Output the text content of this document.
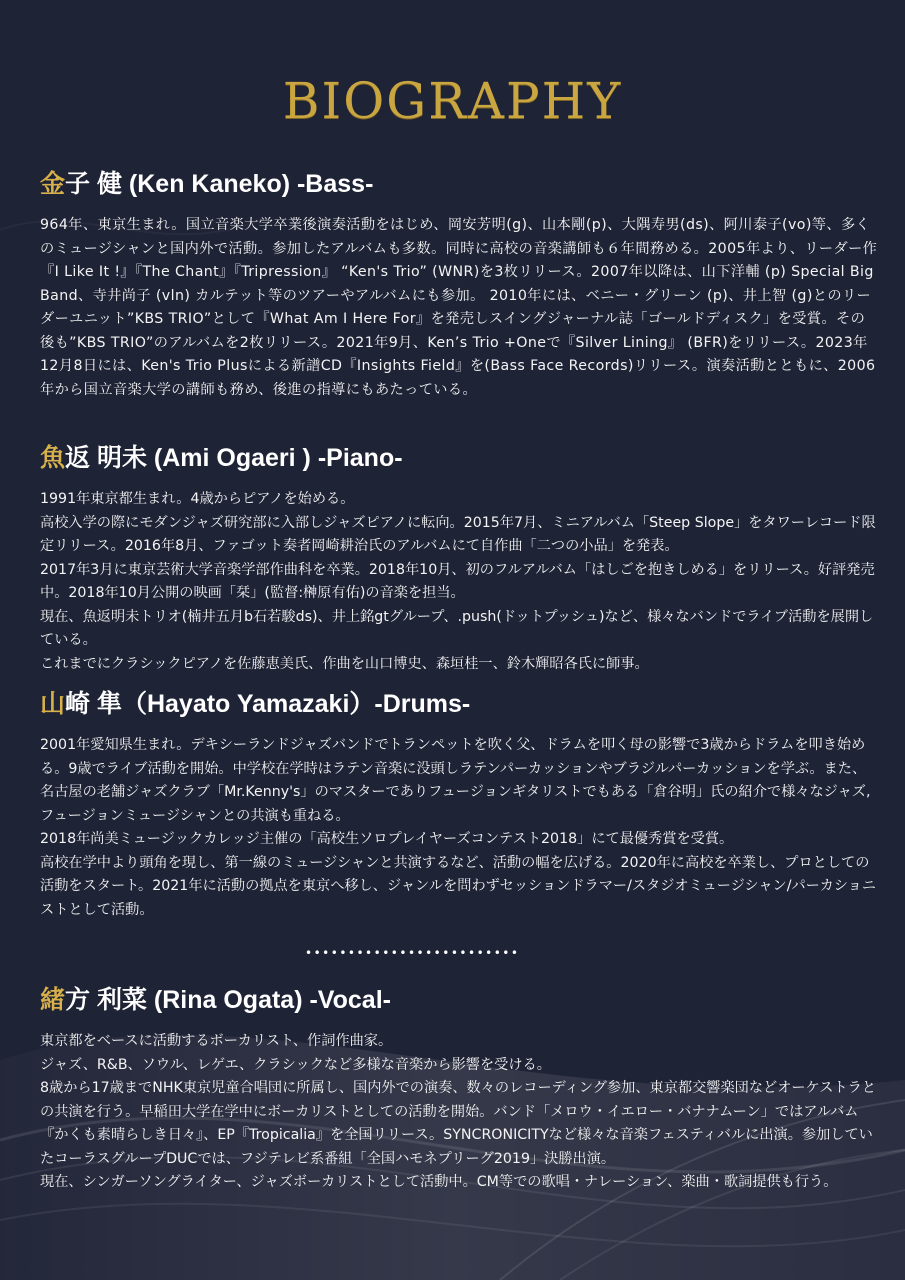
BIOGRAPHY
金子 健 (Ken Kaneko) -Bass-

964年、東京生まれ。国立音楽大学卒業後演奏活動をはじめ、岡安芳明(g)、山本剛(p)、大隅寿男(ds)、阿川泰子(vo)等、多くのミュージシャンと国内外で活動。参加したアルバムも多数。同時に高校の音楽講師も６年間務める。2005年より、リーダー作 『I Like It !』『The Chant』『Tripression』 “Ken's Trio” (WNR)を3枚リリース。2007年以降は、山下洋輔 (p) Special Big Band、寺井尚子 (vln) カルテット等のツアーやアルバムにも参加。 2010年には、ベニー・グリーン (p)、井上智 (g)とのリーダーユニット”KBS TRIO”として『What Am I Here For』を発売しスイングジャーナル誌「ゴールドディスク」を受賞。その後も”KBS TRIO”のアルバムを2枚リリース。2021年9月、Ken’s Trio +Oneで『Silver Lining』 (BFR)をリリース。2023年12月8日には、Ken's Trio Plusによる新譜CD『Insights Field』を(Bass Face Records)リリース。演奏活動とともに、2006年から国立音楽大学の講師も務め、後進の指導にもあたっている。

魚返 明未 (Ami Ogaeri ) -Piano-

1991年東京都生まれ。4歳からピアノを始める。

高校入学の際にモダンジャズ研究部に入部しジャズピアノに転向。2015年7月、ミニアルバム「Steep Slope」をタワーレコード限定リリース。2016年8月、ファゴット奏者岡崎耕治氏のアルバムにて自作曲「二つの小品」を発表。

2017年3月に東京芸術大学音楽学部作曲科を卒業。2018年10月、初のフルアルバム「はしごを抱きしめる」をリリース。好評発売中。2018年10月公開の映画「栞」(監督:榊原有佑)の音楽を担当。

現在、魚返明未トリオ(楠井五月b石若駿ds)、井上銘gtグループ、.push(ドットプッシュ)など、様々なバンドでライブ活動を展開している。

これまでにクラシックピアノを佐藤恵美氏、作曲を山口博史、森垣桂一、鈴木輝昭各氏に師事。

山崎 隼（Hayato Yamazaki）-Drums-

2001年愛知県生まれ。デキシーランドジャズバンドでトランペットを吹く父、ドラムを叩く母の影響で3歳からドラムを叩き始める。9歳でライブ活動を開始。中学校在学時はラテン音楽に没頭しラテンパーカッションやブラジルパーカッションを学ぶ。また、名古屋の老舗ジャズクラブ「Mr.Kenny's」のマスターでありフュージョンギタリストでもある「倉谷明」氏の紹介で様々なジャズ,フュージョンミュージシャンとの共演も重ねる。

2018年尚美ミュージックカレッジ主催の「高校生ソロプレイヤーズコンテスト2018」にて最優秀賞を受賞。

高校在学中より頭角を現し、第一線のミュージシャンと共演するなど、活動の幅を広げる。2020年に高校を卒業し、プロとしての活動をスタート。2021年に活動の拠点を東京へ移し、ジャンルを問わずセッションドラマー/スタジオミュージシャン/パーカショニストとして活動。

•••••••••••••••••••••••••
緒方 利菜 (Rina Ogata) -Vocal-

東京都をベースに活動するボーカリスト、作詞作曲家。

ジャズ、R&B、ソウル、レゲエ、クラシックなど多様な音楽から影響を受ける。

8歳から17歳までNHK東京児童合唱団に所属し、国内外での演奏、数々のレコーディング参加、東京都交響楽団などオーケストラとの共演を行う。早稲田大学在学中にボーカリストとしての活動を開始。バンド「メロウ・イエロー・バナナムーン」ではアルバム『かくも素晴らしき日々』、EP『Tropicalia』を全国リリース。SYNCRONICITYなど様々な音楽フェスティバルに出演。参加していたコーラスグループDUCでは、フジテレビ系番組「全国ハモネプリーグ2019」決勝出演。

現在、シンガーソングライター、ジャズボーカリストとして活動中。CM等での歌唱・ナレーション、楽曲・歌詞提供も行う。
